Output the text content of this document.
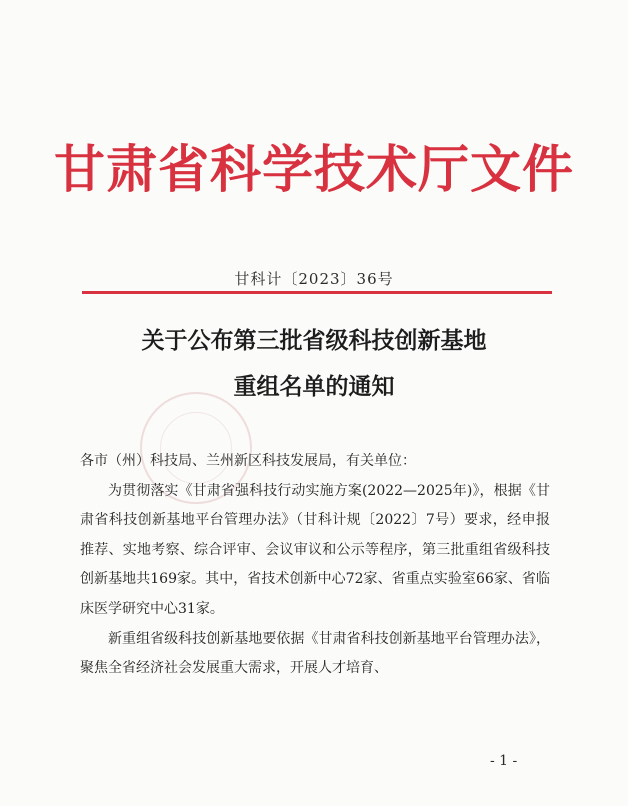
甘肃省科学技术厅文件
甘科计〔2023〕36号
关于公布第三批省级科技创新基地
重组名单的通知

各市（州）科技局、兰州新区科技发展局，有关单位：

为贯彻落实《甘肃省强科技行动实施方案(2022—2025年)》，根据《甘肃省科技创新基地平台管理办法》（甘科计规〔2022〕7号）要求，经申报推荐、实地考察、综合评审、会议审议和公示等程序，第三批重组省级科技创新基地共169家。其中，省技术创新中心72家、省重点实验室66家、省临床医学研究中心31家。

新重组省级科技创新基地要依据《甘肃省科技创新基地平台管理办法》，聚焦全省经济社会发展重大需求，开展人才培育、

- 1 -
